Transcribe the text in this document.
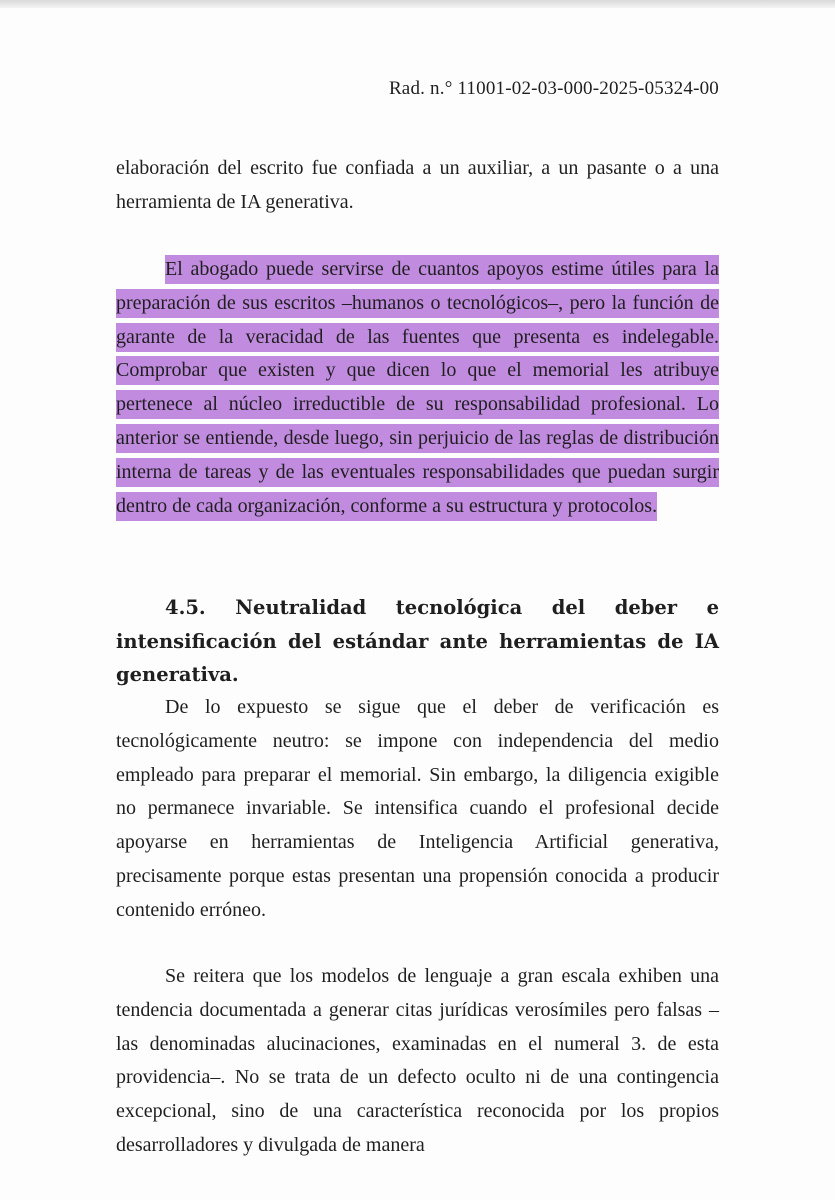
Rad. n.° 11001-02-03-000-2025-05324-00

elaboración del escrito fue confiada a un auxiliar, a un pasante o a una herramienta de IA generativa.

El abogado puede servirse de cuantos apoyos estime útiles para la preparación de sus escritos –humanos o tecnológicos–, pero la función de garante de la veracidad de las fuentes que presenta es indelegable. Comprobar que existen y que dicen lo que el memorial les atribuye pertenece al núcleo irreductible de su responsabilidad profesional. Lo anterior se entiende, desde luego, sin perjuicio de las reglas de distribución interna de tareas y de las eventuales responsabilidades que puedan surgir dentro de cada organización, conforme a su estructura y protocolos.

4.5. Neutralidad tecnológica del deber e intensificación del estándar ante herramientas de IA generativa.

De lo expuesto se sigue que el deber de verificación es tecnológicamente neutro: se impone con independencia del medio empleado para preparar el memorial. Sin embargo, la diligencia exigible no permanece invariable. Se intensifica cuando el profesional decide apoyarse en herramientas de Inteligencia Artificial generativa, precisamente porque estas presentan una propensión conocida a producir contenido erróneo.

Se reitera que los modelos de lenguaje a gran escala exhiben una tendencia documentada a generar citas jurídicas verosímiles pero falsas –las denominadas alucinaciones, examinadas en el numeral 3. de esta providencia–. No se trata de un defecto oculto ni de una contingencia excepcional, sino de una característica reconocida por los propios desarrolladores y divulgada de manera
